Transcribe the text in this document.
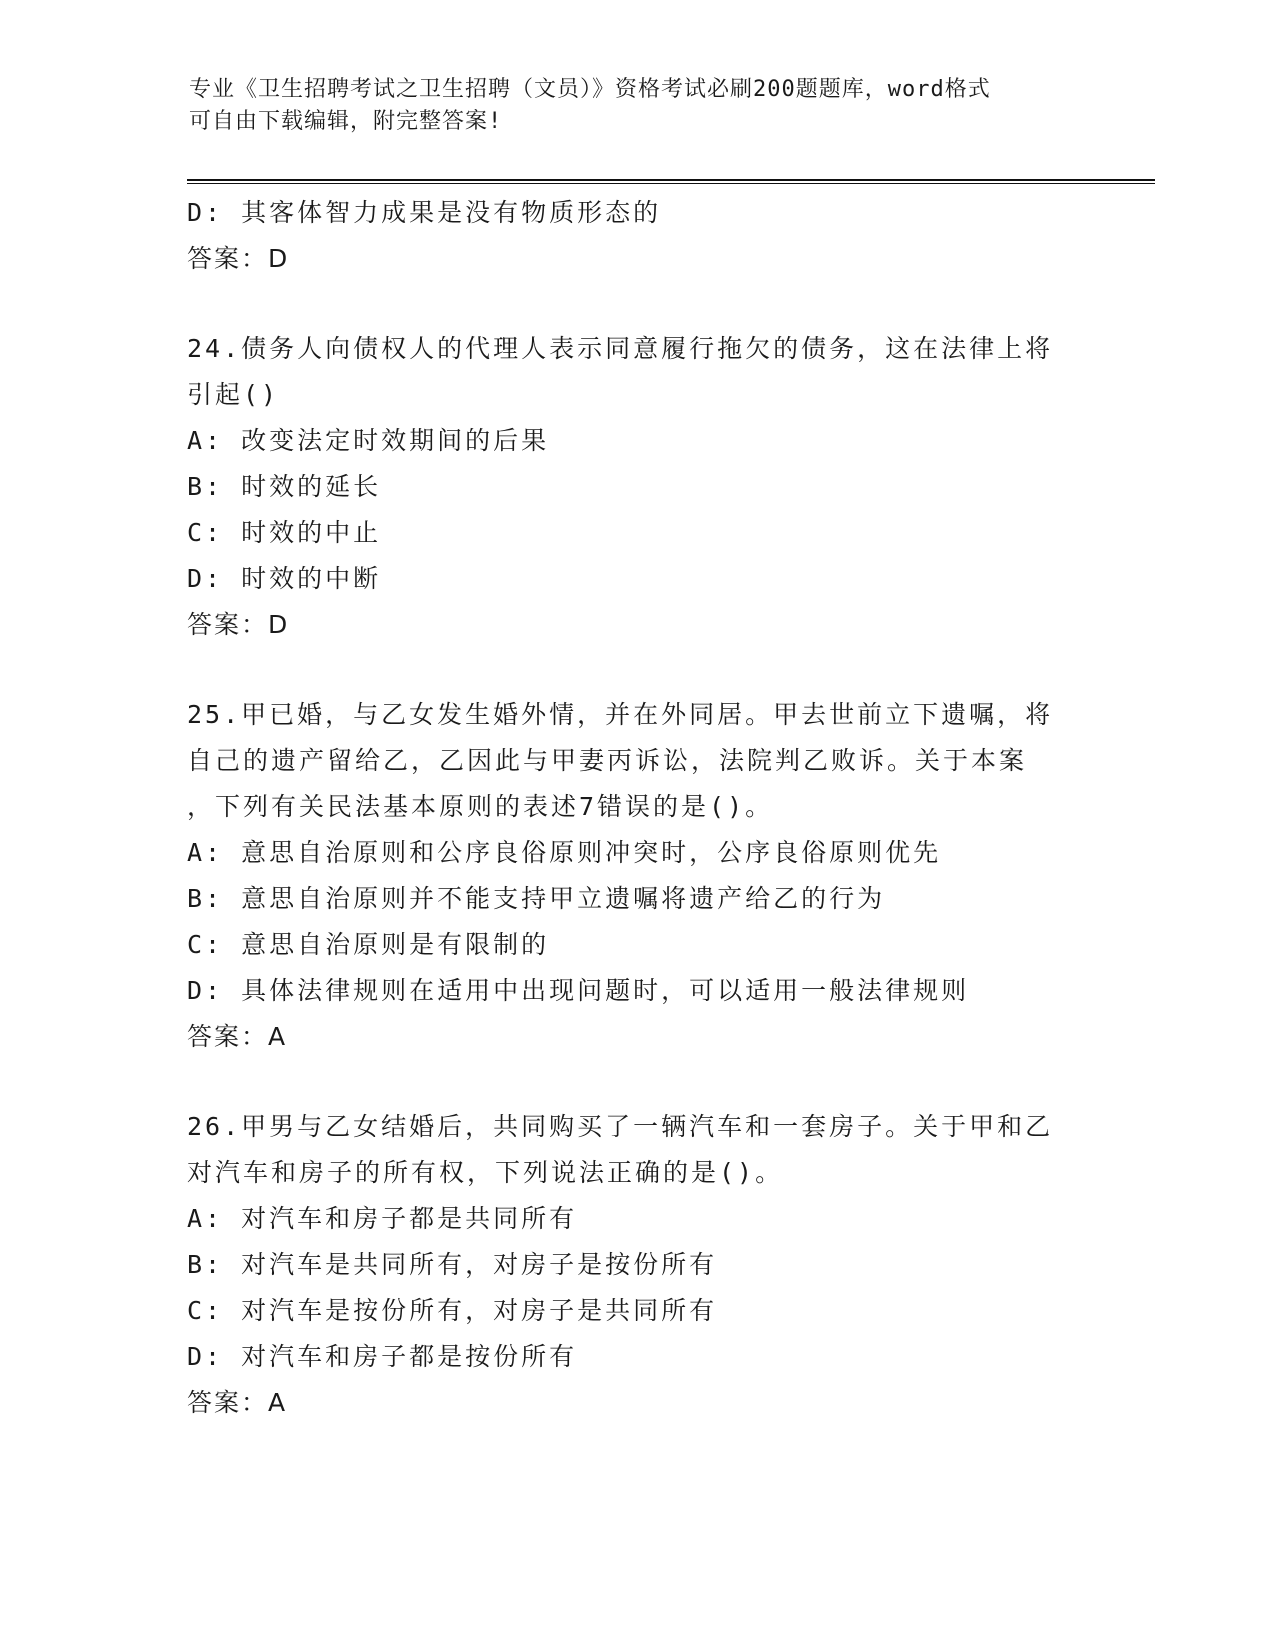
专业《卫生招聘考试之卫生招聘（文员）》资格考试必刷200题题库，word格式
可自由下载编辑，附完整答案!
D: 其客体智力成果是没有物质形态的
答案：D
24.债务人向债权人的代理人表示同意履行拖欠的债务，这在法律上将
引起()
A: 改变法定时效期间的后果
B: 时效的延长
C: 时效的中止
D: 时效的中断
答案：D
25.甲已婚，与乙女发生婚外情，并在外同居。甲去世前立下遗嘱，将
自己的遗产留给乙，乙因此与甲妻丙诉讼，法院判乙败诉。关于本案
，下列有关民法基本原则的表述7错误的是()。
A: 意思自治原则和公序良俗原则冲突时，公序良俗原则优先
B: 意思自治原则并不能支持甲立遗嘱将遗产给乙的行为
C: 意思自治原则是有限制的
D: 具体法律规则在适用中出现问题时，可以适用一般法律规则
答案：A
26.甲男与乙女结婚后，共同购买了一辆汽车和一套房子。关于甲和乙
对汽车和房子的所有权，下列说法正确的是()。
A: 对汽车和房子都是共同所有
B: 对汽车是共同所有，对房子是按份所有
C: 对汽车是按份所有，对房子是共同所有
D: 对汽车和房子都是按份所有
答案：A
